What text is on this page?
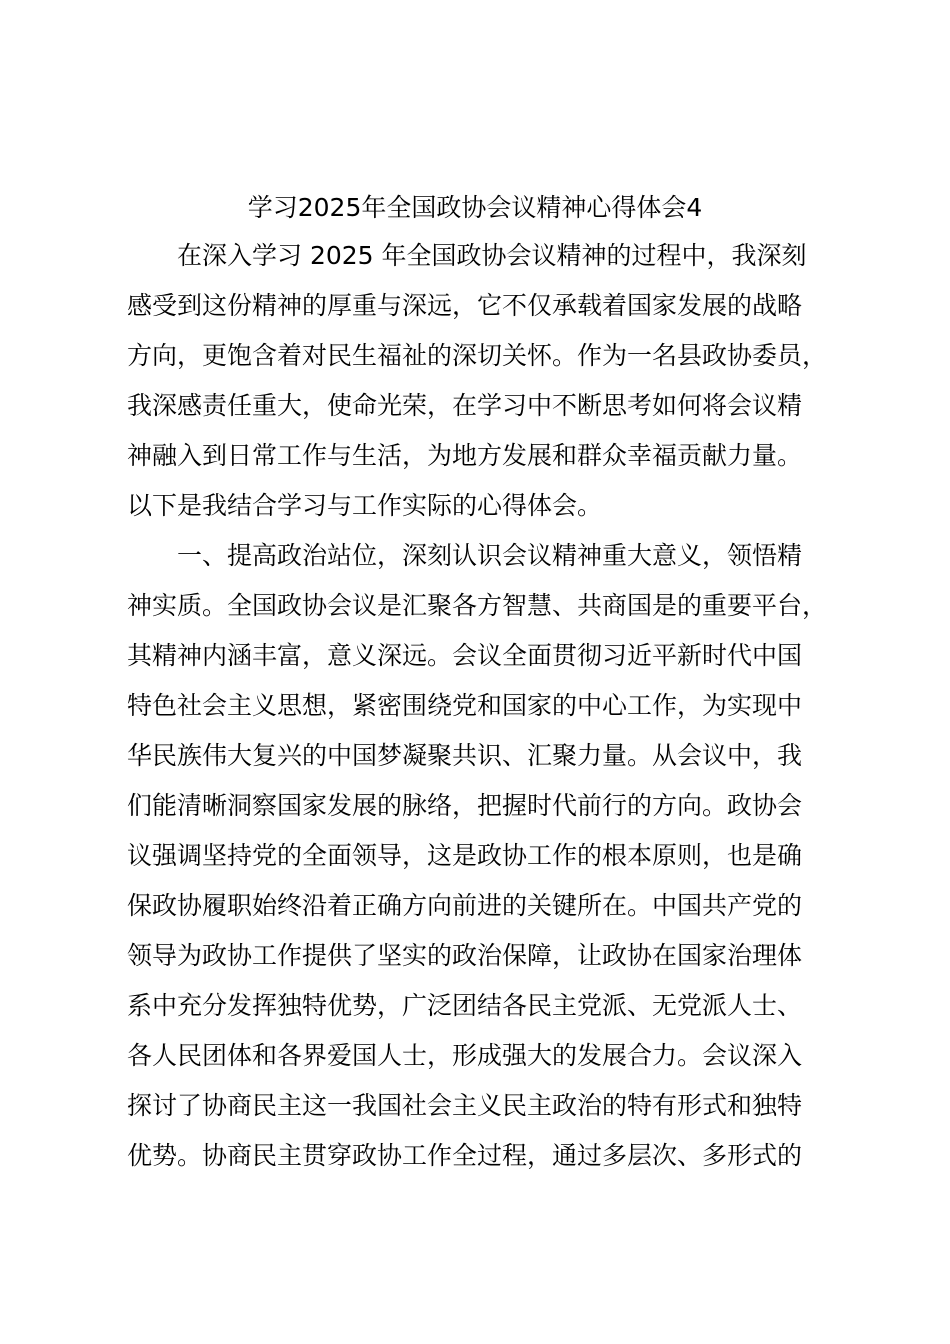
学习2025年全国政协会议精神心得体会4

在深入学习 2025 年全国政协会议精神的过程中，我深刻

感受到这份精神的厚重与深远，它不仅承载着国家发展的战略

方向，更饱含着对民生福祉的深切关怀。作为一名县政协委员，

我深感责任重大，使命光荣，在学习中不断思考如何将会议精

神融入到日常工作与生活，为地方发展和群众幸福贡献力量。

以下是我结合学习与工作实际的心得体会。

一、提高政治站位，深刻认识会议精神重大意义，领悟精

神实质。全国政协会议是汇聚各方智慧、共商国是的重要平台，

其精神内涵丰富，意义深远。会议全面贯彻习近平新时代中国

特色社会主义思想，紧密围绕党和国家的中心工作，为实现中

华民族伟大复兴的中国梦凝聚共识、汇聚力量。从会议中，我

们能清晰洞察国家发展的脉络，把握时代前行的方向。政协会

议强调坚持党的全面领导，这是政协工作的根本原则，也是确

保政协履职始终沿着正确方向前进的关键所在。中国共产党的

领导为政协工作提供了坚实的政治保障，让政协在国家治理体

系中充分发挥独特优势，广泛团结各民主党派、无党派人士、

各人民团体和各界爱国人士，形成强大的发展合力。会议深入

探讨了协商民主这一我国社会主义民主政治的特有形式和独特

优势。协商民主贯穿政协工作全过程，通过多层次、多形式的
